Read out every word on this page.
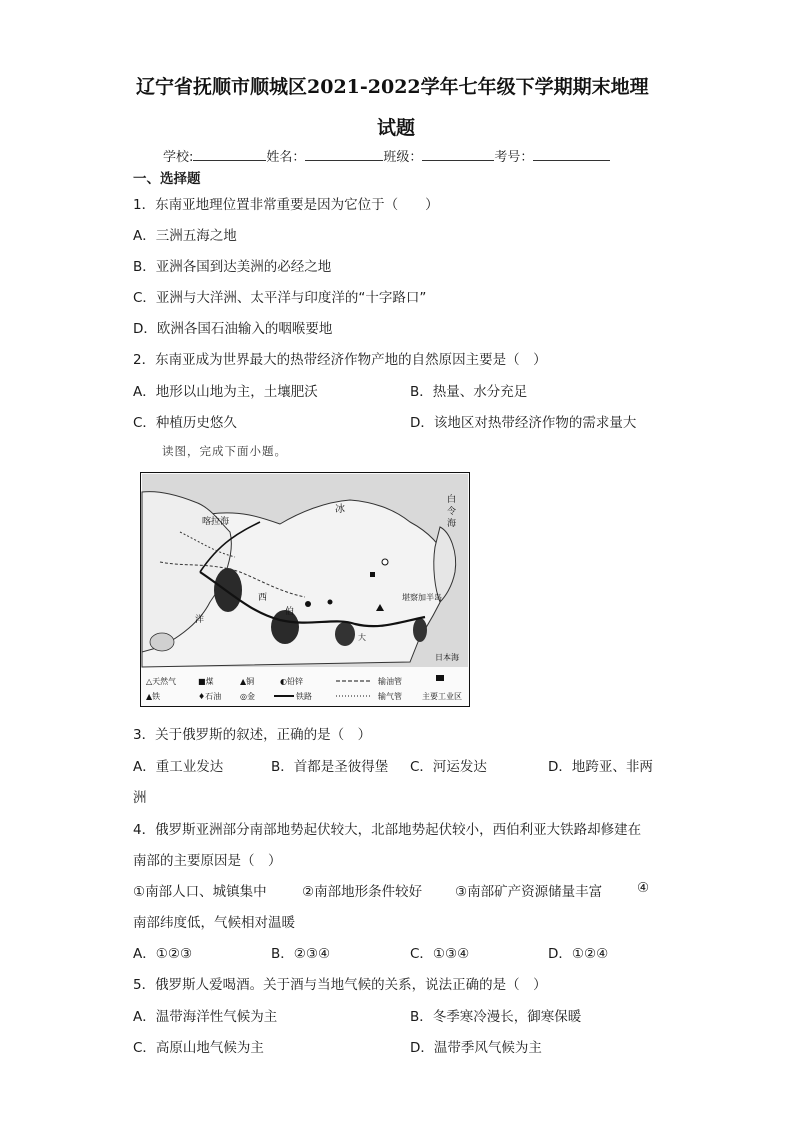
辽宁省抚顺市顺城区2021-2022学年七年级下学期期末地理
试题
学校:	姓名：	班级：	考号：
一、选择题
1．东南亚地理位置非常重要是因为它位于（　　）
A．三洲五海之地
B．亚洲各国到达美洲的必经之地
C．亚洲与大洋洲、太平洋与印度洋的“十字路口”
D．欧洲各国石油输入的咽喉要地
2．东南亚成为世界最大的热带经济作物产地的自然原因主要是（　）
A．地形以山地为主，土壤肥沃	B．热量、水分充足
C．种植历史悠久	D．该地区对热带经济作物的需求量大
读图，完成下面小题。
喀拉海
冰
白
令
海
西
伯
堪察加半岛
日本海
大
洋
△天然气	■煤	▲铜	◐铅锌	输油管
▲铁	♦石油 ◎金	铁路	输气管	主要工业区
3．关于俄罗斯的叙述，正确的是（　）
A．重工业发达	B．首都是圣彼得堡 C．河运发达	D．地跨亚、非两
洲
4．俄罗斯亚洲部分南部地势起伏较大，北部地势起伏较小，西伯利亚大铁路却修建在
南部的主要原因是（　）
①南部人口、城镇集中	②南部地形条件较好 ③南部矿产资源储量丰富	④
南部纬度低，气候相对温暖
A．①②③	B．②③④	C．①③④	D．①②④
5．俄罗斯人爱喝酒。关于酒与当地气候的关系，说法正确的是（　）
A．温带海洋性气候为主	B．冬季寒冷漫长，御寒保暖
C．高原山地气候为主	D．温带季风气候为主
